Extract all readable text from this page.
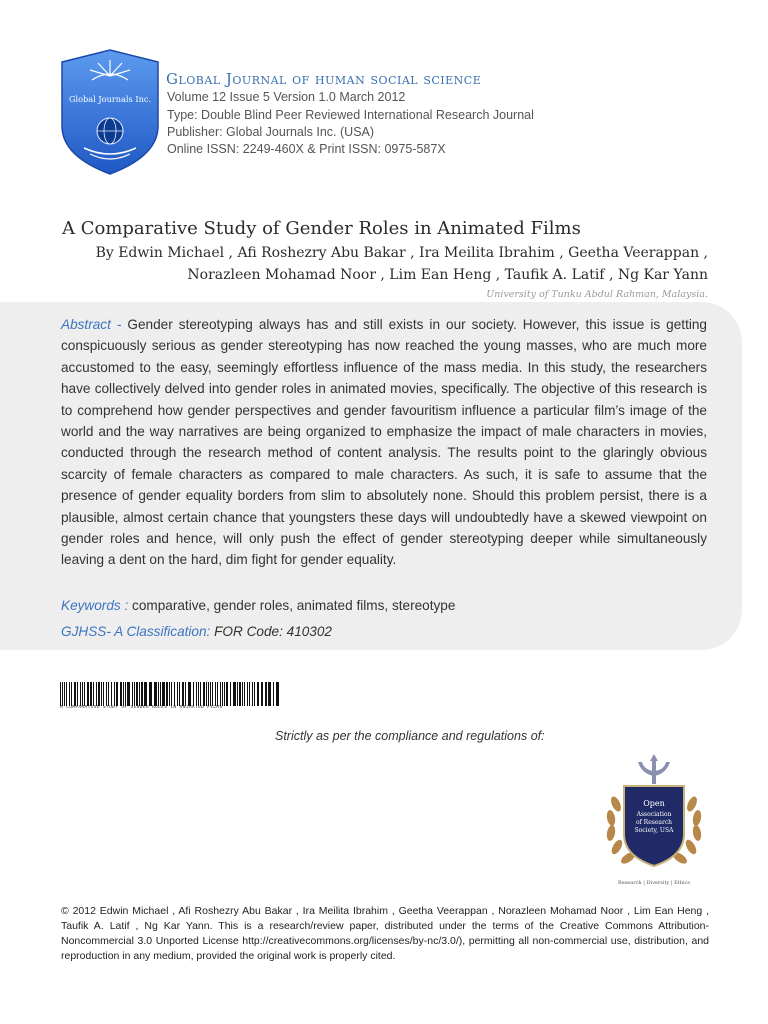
Global Journals Inc.
Global Journal of human social science
Volume 12 Issue 5 Version 1.0 March 2012
Type: Double Blind Peer Reviewed International Research Journal
Publisher: Global Journals Inc. (USA)
Online ISSN: 2249-460X & Print ISSN: 0975-587X
A Comparative Study of Gender Roles in Animated Films
By Edwin Michael , Afi Roshezry Abu Bakar , Ira Meilita Ibrahim , Geetha Veerappan ,
Norazleen Mohamad Noor , Lim Ean Heng , Taufik A. Latif , Ng Kar Yann
University of Tunku Abdul Rahman, Malaysia.
Abstract - Gender stereotyping always has and still exists in our society. However, this issue is getting conspicuously serious as gender stereotyping has now reached the young masses, who are much more accustomed to the easy, seemingly effortless influence of the mass media. In this study, the researchers have collectively delved into gender roles in animated movies, specifically. The objective of this research is to comprehend how gender perspectives and gender favouritism influence a particular film’s image of the world and the way narratives are being organized to emphasize the impact of male characters in movies, conducted through the research method of content analysis. The results point to the glaringly obvious scarcity of female characters as compared to male characters. As such, it is safe to assume that the presence of gender equality borders from slim to absolutely none. Should this problem persist, there is a plausible, almost certain chance that youngsters these days will undoubtedly have a skewed viewpoint on gender roles and hence, will only push the effect of gender stereotyping deeper while simultaneously leaving a dent on the hard, dim fight for gender equality.
Keywords : comparative, gender roles, animated films, stereotype
GJHSS- A Classification: FOR Code: 410302
A COMPARATIVE STUDY OF GENDER ROLES IN ANIMATED FILMS
Strictly as per the compliance and regulations of:
Open
Association
of Research
Society, USA
Research | Diversity | Ethics
© 2012 Edwin Michael , Afi Roshezry Abu Bakar , Ira Meilita Ibrahim , Geetha Veerappan , Norazleen Mohamad Noor , Lim Ean Heng , Taufik A. Latif , Ng Kar Yann. This is a research/review paper, distributed under the terms of the Creative Commons Attribution-Noncommercial 3.0 Unported License http://creativecommons.org/licenses/by-nc/3.0/), permitting all non-commercial use, distribution, and reproduction in any medium, provided the original work is properly cited.
